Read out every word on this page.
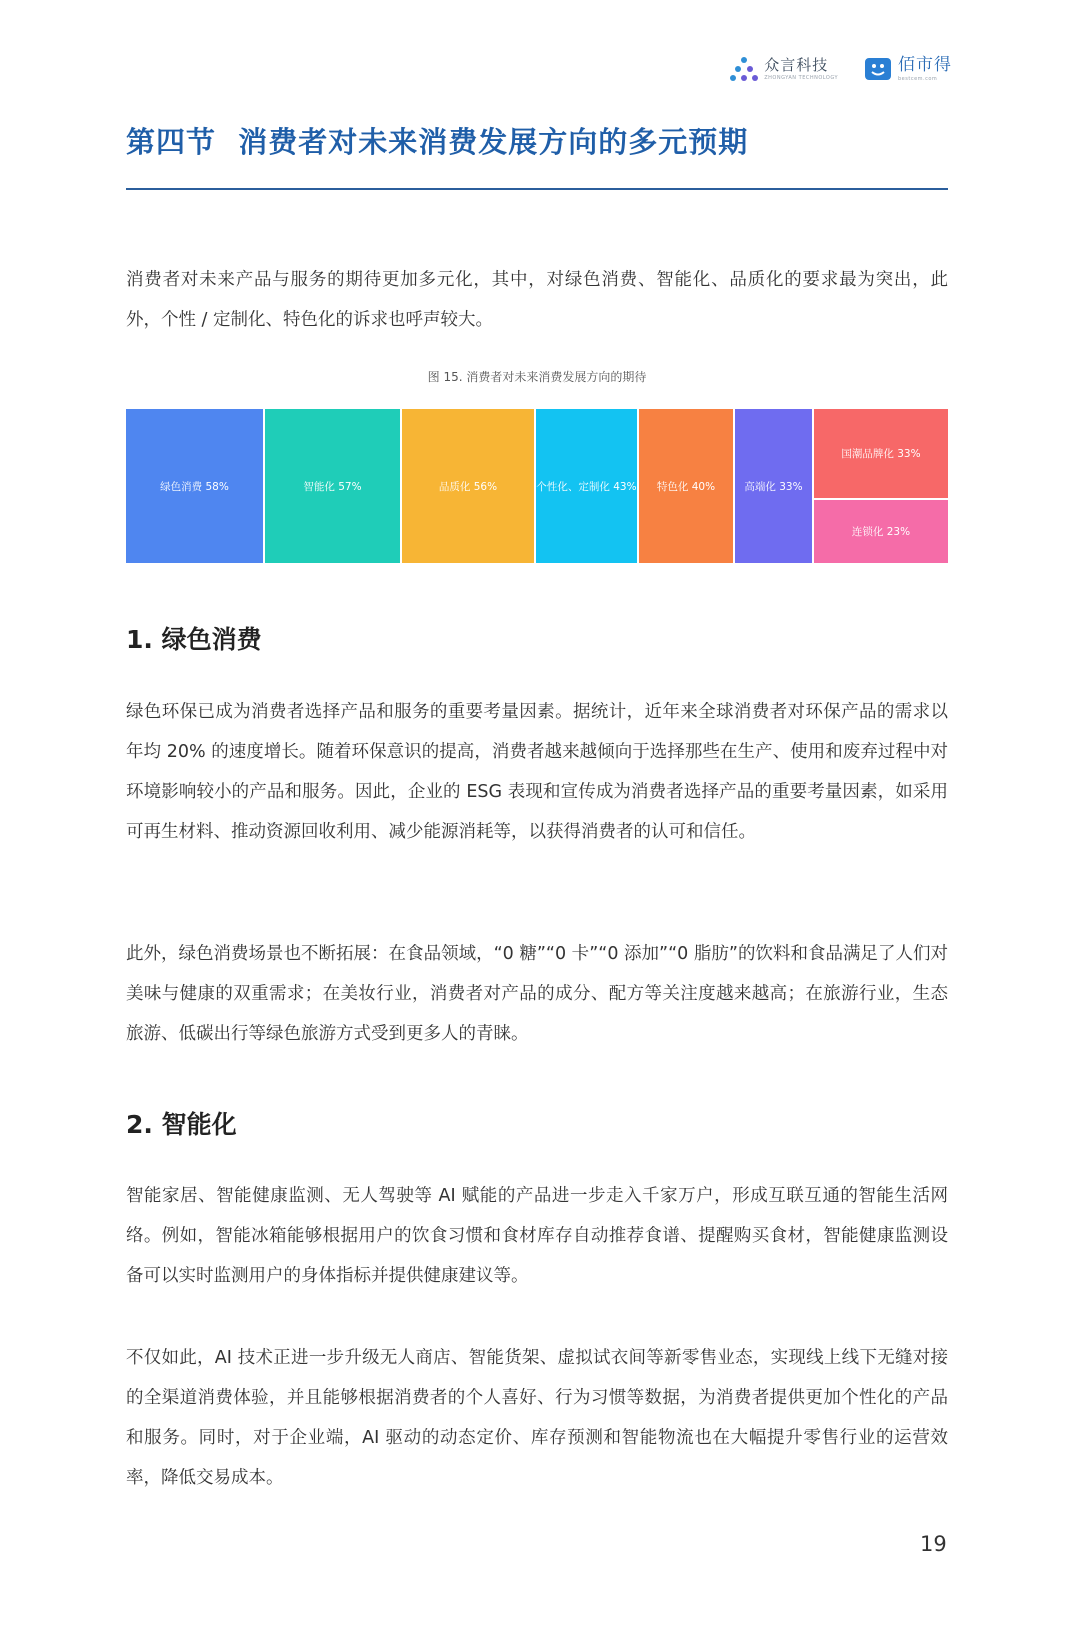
众言科技
ZHONGYAN TECHNOLOGY
佰市得
bestcem.com
第四节  消费者对未来消费发展方向的多元预期

消费者对未来产品与服务的期待更加多元化，其中，对绿色消费、智能化、品质化的要求最为突出，此外，个性 / 定制化、特色化的诉求也呼声较大。

图 15. 消费者对未来消费发展方向的期待
绿色消费 58%	智能化 57%	品质化 56%	个性化、定制化 43% 特色化 40%	高端化 33%
国潮品牌化 33%
连锁化 23%
1. 绿色消费

绿色环保已成为消费者选择产品和服务的重要考量因素。据统计，近年来全球消费者对环保产品的需求以年均 20% 的速度增长。随着环保意识的提高，消费者越来越倾向于选择那些在生产、使用和废弃过程中对环境影响较小的产品和服务。因此，企业的 ESG 表现和宣传成为消费者选择产品的重要考量因素，如采用可再生材料、推动资源回收利用、减少能源消耗等，以获得消费者的认可和信任。

此外，绿色消费场景也不断拓展：在食品领域，“0 糖”“0 卡”“0 添加”“0 脂肪”的饮料和食品满足了人们对美味与健康的双重需求；在美妆行业，消费者对产品的成分、配方等关注度越来越高；在旅游行业，生态旅游、低碳出行等绿色旅游方式受到更多人的青睐。

2. 智能化

智能家居、智能健康监测、无人驾驶等 AI 赋能的产品进一步走入千家万户，形成互联互通的智能生活网络。例如，智能冰箱能够根据用户的饮食习惯和食材库存自动推荐食谱、提醒购买食材，智能健康监测设备可以实时监测用户的身体指标并提供健康建议等。

不仅如此，AI 技术正进一步升级无人商店、智能货架、虚拟试衣间等新零售业态，实现线上线下无缝对接的全渠道消费体验，并且能够根据消费者的个人喜好、行为习惯等数据，为消费者提供更加个性化的产品和服务。同时，对于企业端，AI 驱动的动态定价、库存预测和智能物流也在大幅提升零售行业的运营效率，降低交易成本。

19
